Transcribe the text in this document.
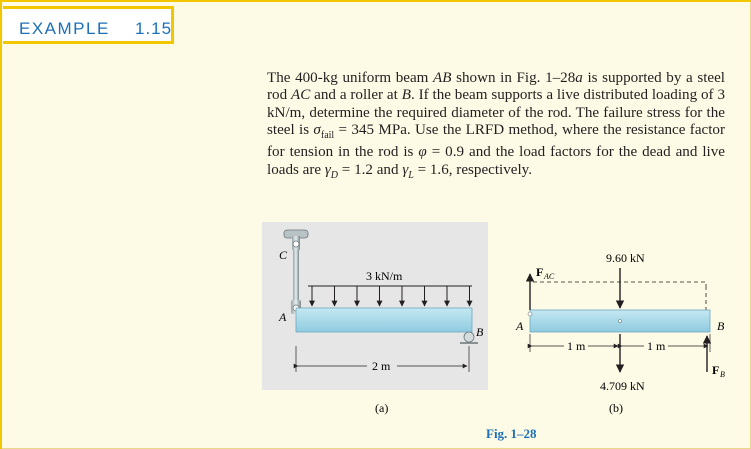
EXAMPLE 1.15
The 400-kg uniform beam AB shown in Fig. 1–28a is supported by a steel rod AC and a roller at B. If the beam supports a live distributed loading of 3 kN/m, determine the required diameter of the rod. The failure stress for the steel is $\sigma_{fail} = 345$ MPa. Use the LRFD method, where the resistance factor for tension in the rod is φ = 0.9 and the load factors for the dead and live loads are $\gamma_D = 1.2$ and $\gamma_L = 1.6$, respectively.
C
A
3 kN/m
B
2 m
(a)
A	B
F AC
9.60 kN
1 m	1 m
4.709 kN
F B
(b)
Fig. 1–28
